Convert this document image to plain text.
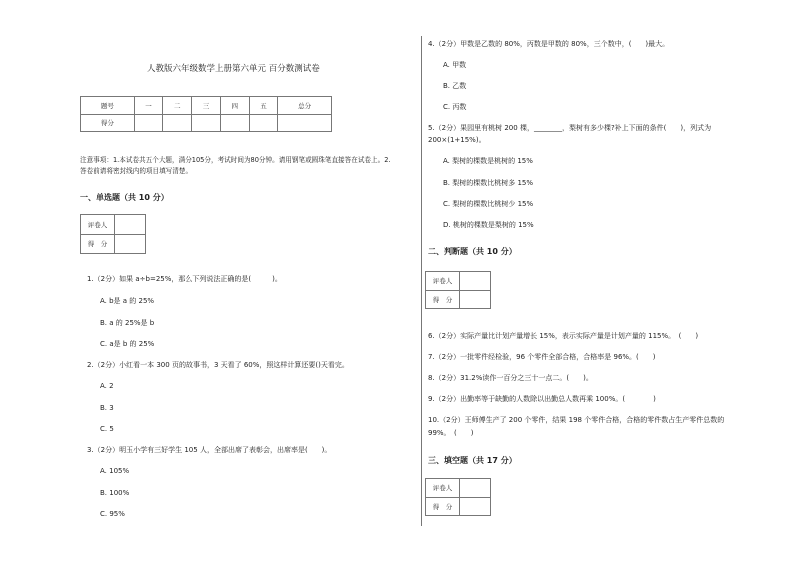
人教版六年级数学上册第六单元 百分数测试卷
题号	一	二	三	四	五	总分
得分						
注意事项：1.本试卷共五个大题，满分105分，考试时间为80分钟。请用钢笔或圆珠笔直接答在试卷上。2.
答卷前请将密封线内的项目填写清楚。
一、单选题（共 10 分）
评卷人	
得　分	
1.（2分）如果 a÷b=25%，那么下列说法正确的是(　　　)。
A. b是 a 的 25%
B. a 的 25%是 b
C. a是 b 的 25%
2.（2分）小红看一本 300 页的故事书，3 天看了 60%，照这样计算还要()天看完。
A. 2
B. 3
C. 5
3.（2分）明玉小学有三好学生 105 人，全部出席了表彰会，出席率是(　　)。
A. 105%
B. 100%
C. 95%
4.（2分）甲数是乙数的 80%，丙数是甲数的 80%，三个数中，(　　)最大。
A. 甲数
B. 乙数
C. 丙数
5.（2分）果园里有桃树 200 棵，________，梨树有多少棵?补上下面的条件(　　)，列式为
200×(1+15%)。
A. 梨树的棵数是桃树的 15%
B. 梨树的棵数比桃树多 15%
C. 梨树的棵数比桃树少 15%
D. 桃树的棵数是梨树的 15%
二、判断题（共 10 分）
评卷人	
得　分	
6.（2分）实际产量比计划产量增长 15%，表示实际产量是计划产量的 115%。　(　　)
7.（2分）一批零件经检验，96 个零件全部合格，合格率是 96%。(　　)
8.（2分）31.2%读作一百分之三十一点二。(　　)。
9.（2分）出勤率等于缺勤的人数除以出勤总人数再乘 100%。(　　　　)
10.（2分）王师傅生产了 200 个零件，结果 198 个零件合格，合格的零件数占生产零件总数的
99%。　(　　)
三、填空题（共 17 分）
评卷人	
得　分	
